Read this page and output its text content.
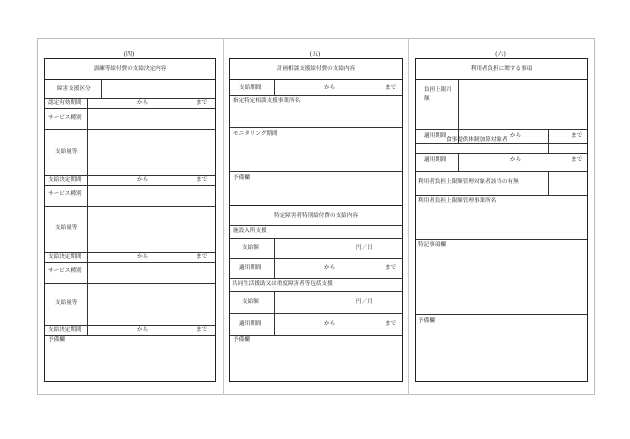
(四)	(五)	(六)
訓練等給付費の支給決定内容
障害支援区分
認定有効期間	から	まで
サービス種別
支給量等
支給決定期間	から	まで
サービス種別
支給量等
支給決定期間	から	まで
サービス種別
支給量等
支給決定期間	から	まで
予備欄
計画相談支援給付費の支給内容
支給期間	から	まで
指定特定相談支援事業所名
モニタリング期間
予備欄
特定障害者特別給付費の支給内容
施設入所支援
支給額	円／日
適用期間	から	まで
共同生活援助又は重度障害者等包括支援
支給額	円／月
適用期間	から	まで
予備欄
利用者負担に関する事項
負担上限月額
適用期間	から	まで
食事提供体制加算対象者
適用期間	から	まで
利用者負担上限額管理対象者該当の有無
利用者負担上限額管理事業所名
特記事項欄
予備欄
